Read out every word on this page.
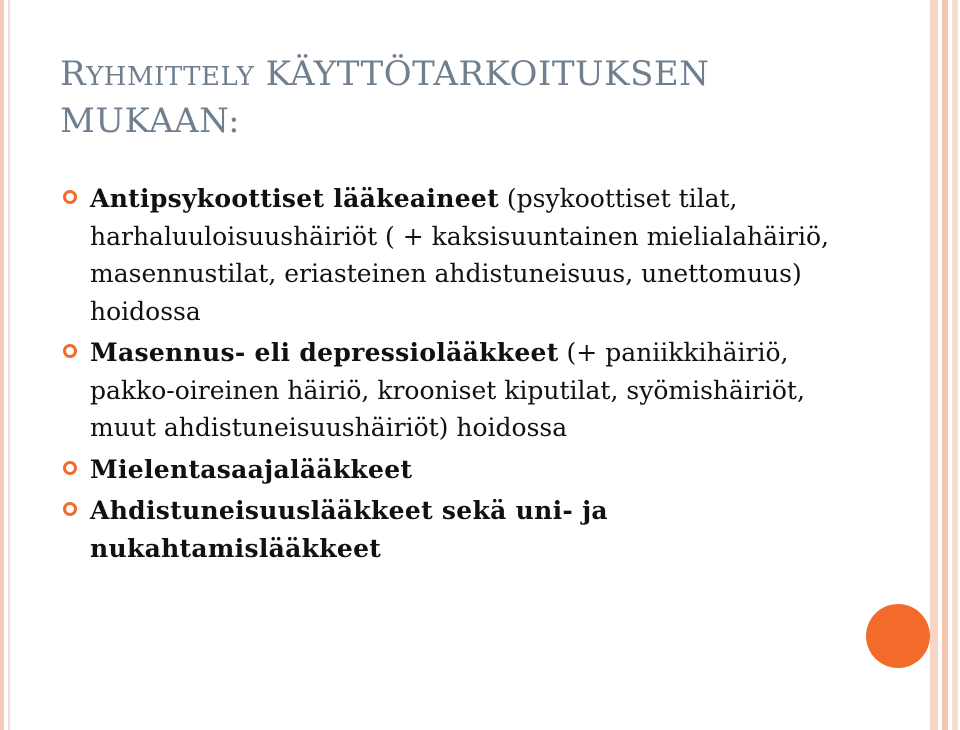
RYHMITTELY KÄYTTÖTARKOITUKSEN MUKAAN:
Antipsykoottiset lääkeaineet (psykoottiset tilat, harhaluuloisuushäiriöt ( + kaksisuuntainen mielialahäiriö, masennustilat, eriasteinen ahdistuneisuus, unettomuus) hoidossa
Masennus- eli depressiolääkkeet (+ paniikkihäiriö, pakko-oireinen häiriö, krooniset kiputilat, syömishäiriöt, muut ahdistuneisuushäiriöt) hoidossa
Mielentasaajalääkkeet
Ahdistuneisuuslääkkeet sekä uni- ja nukahtamislääkkeet
